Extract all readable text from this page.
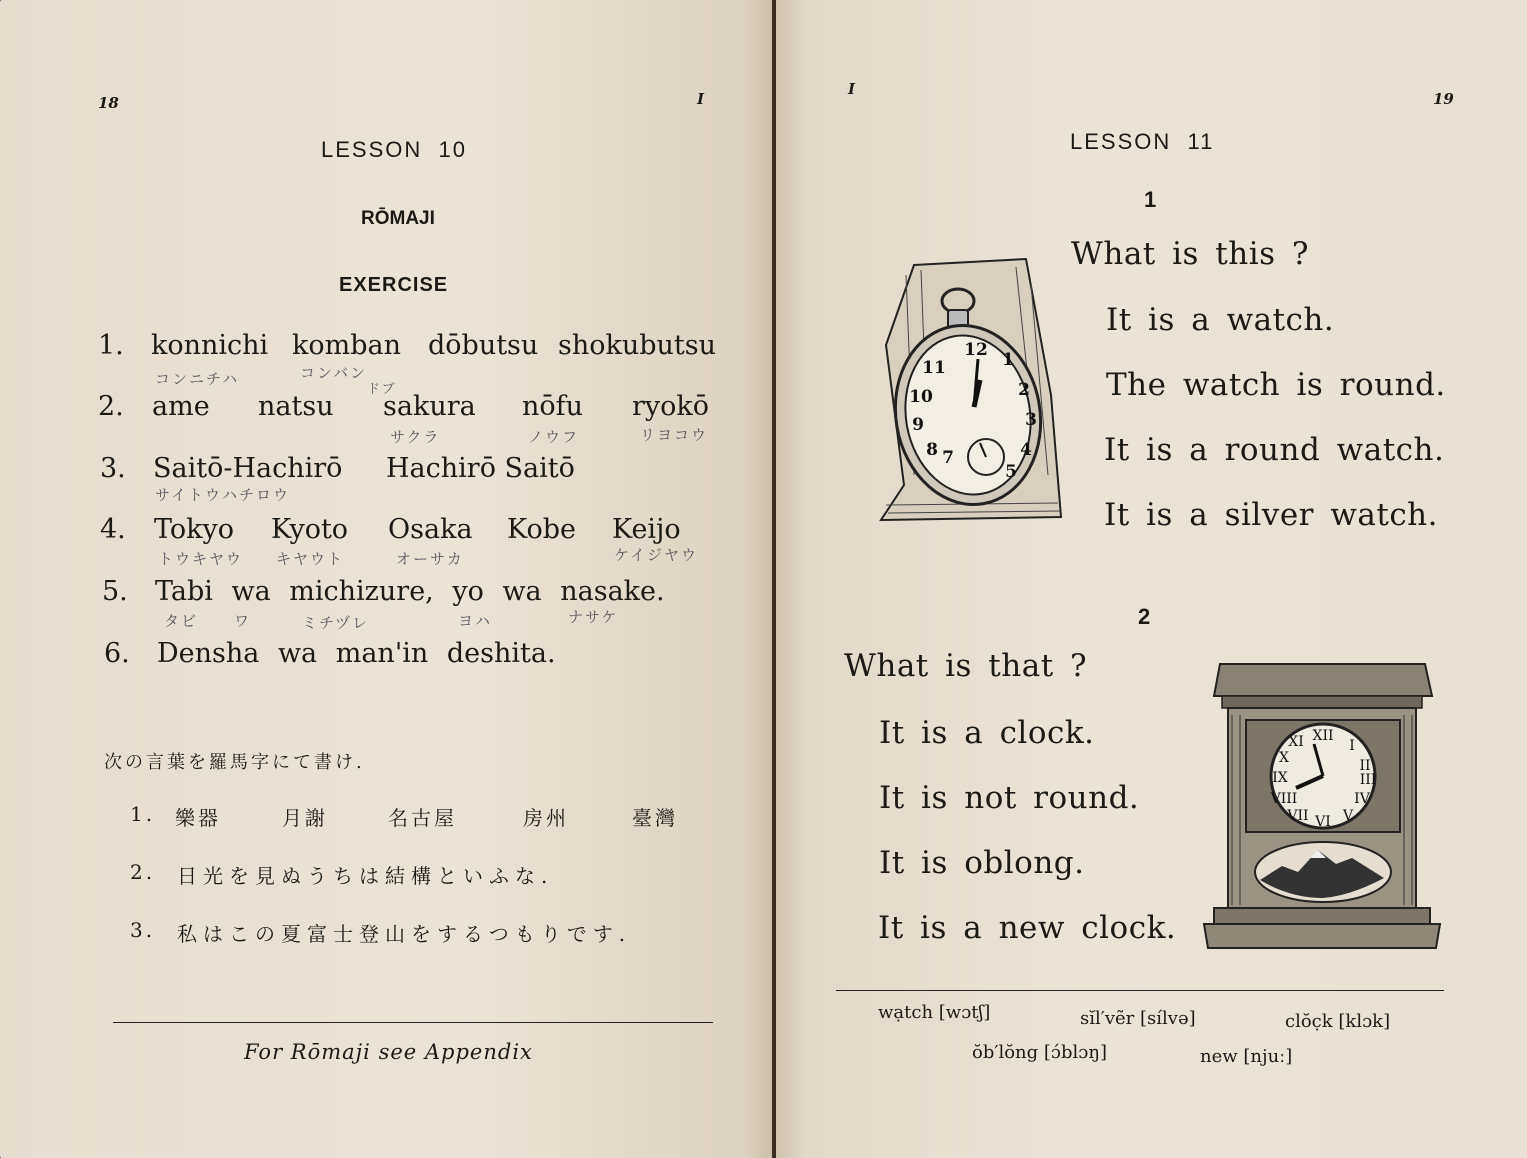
18	I
LESSON  10
RŌMAJI
EXERCISE
1. konnichi komban dōbutsu shokubutsu
コンニチハ	コンバン
ドブ
2. ame natsu sakura nōfu ryokō
サクラ	ノウフ	リヨコウ
3. Saitō-Hachirō Hachirō Saitō
サイトウハチロウ
4. Tokyo Kyoto Osaka Kobe Keijo
トウキヤウ キヤウト	オーサカ	ケイジヤウ
5. Tabi wa michizure, yo wa nasake.
タビ ワ	ミチヅレ	ヨハ	ナサケ
6. Densha wa man'in deshita.
次の言葉を羅馬字にて書け.
1. 樂器	月謝	名古屋	房州	臺灣
2. 日光を見ぬうちは結構といふな.
3. 私はこの夏富士登山をするつもりです.
For Rōmaji see Appendix
I
19
LESSON  11
1
What is this ?
It is a watch.
The watch is round.
It is a round watch.
It is a silver watch.
12 1
2
3
4
5
7
8
9
10
11
2
What is that ?
It is a clock.
It is not round.
It is oblong.
It is a new clock.
XII
I
II
III
IV
V
VI
VII
VIII
IX
X
XI
wạtch [wɔtʃ]	sĭl′vẽr [sílvə]	clŏc̣k [klɔk]
ŏb′lŏng [ɔ́blɔŋ]	new [njuː]
